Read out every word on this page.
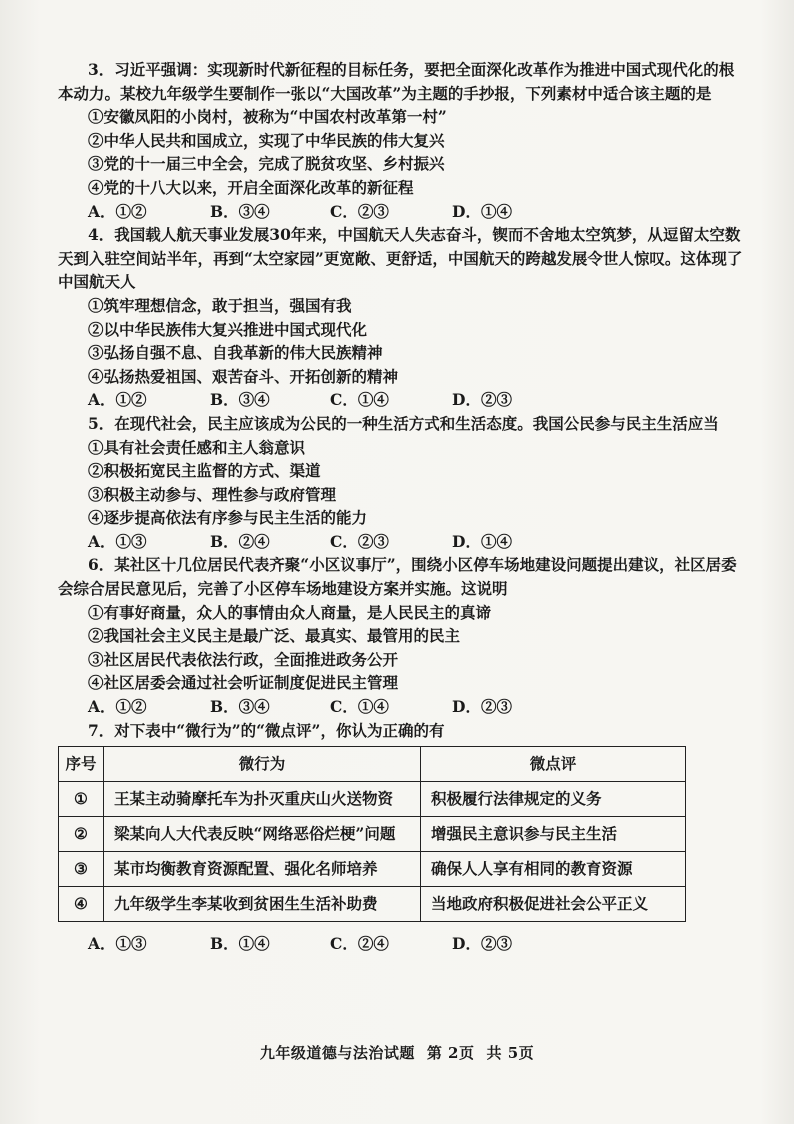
3．习近平强调：实现新时代新征程的目标任务，要把全面深化改革作为推进中国式现代化的根本动力。某校九年级学生要制作一张以“大国改革”为主题的手抄报，下列素材中适合该主题的是

①安徽凤阳的小岗村，被称为“中国农村改革第一村”

②中华人民共和国成立，实现了中华民族的伟大复兴

③党的十一届三中全会，完成了脱贫攻坚、乡村振兴

④党的十八大以来，开启全面深化改革的新征程

A．①②	B．③④	C．②③	D．①④

4．我国载人航天事业发展30年来，中国航天人失志奋斗，锲而不舍地太空筑梦，从逗留太空数天到入驻空间站半年，再到“太空家园”更宽敞、更舒适，中国航天的跨越发展令世人惊叹。这体现了中国航天人

①筑牢理想信念，敢于担当，强国有我

②以中华民族伟大复兴推进中国式现代化

③弘扬自强不息、自我革新的伟大民族精神

④弘扬热爱祖国、艰苦奋斗、开拓创新的精神

A．①②	B．③④	C．①④	D．②③

5．在现代社会，民主应该成为公民的一种生活方式和生活态度。我国公民参与民主生活应当

①具有社会责任感和主人翁意识

②积极拓宽民主监督的方式、渠道

③积极主动参与、理性参与政府管理

④逐步提高依法有序参与民主生活的能力

A．①③	B．②④	C．②③	D．①④

6．某社区十几位居民代表齐聚“小区议事厅”，围绕小区停车场地建设问题提出建议，社区居委会综合居民意见后，完善了小区停车场地建设方案并实施。这说明

①有事好商量，众人的事情由众人商量，是人民民主的真谛

②我国社会主义民主是最广泛、最真实、最管用的民主

③社区居民代表依法行政，全面推进政务公开

④社区居委会通过社会听证制度促进民主管理

A．①②	B．③④	C．①④	D．②③

7．对下表中“微行为”的“微点评”，你认为正确的有

序号	微行为	微点评
①	王某主动骑摩托车为扑灭重庆山火送物资	积极履行法律规定的义务
②	梁某向人大代表反映“网络恶俗烂梗”问题	增强民主意识参与民主生活
③	某市均衡教育资源配置、强化名师培养	确保人人享有相同的教育资源
④	九年级学生李某收到贫困生生活补助费	当地政府积极促进社会公平正义
A．①③	B．①④	C．②④	D．②③
九年级道德与法治试题 第 2页 共 5页
